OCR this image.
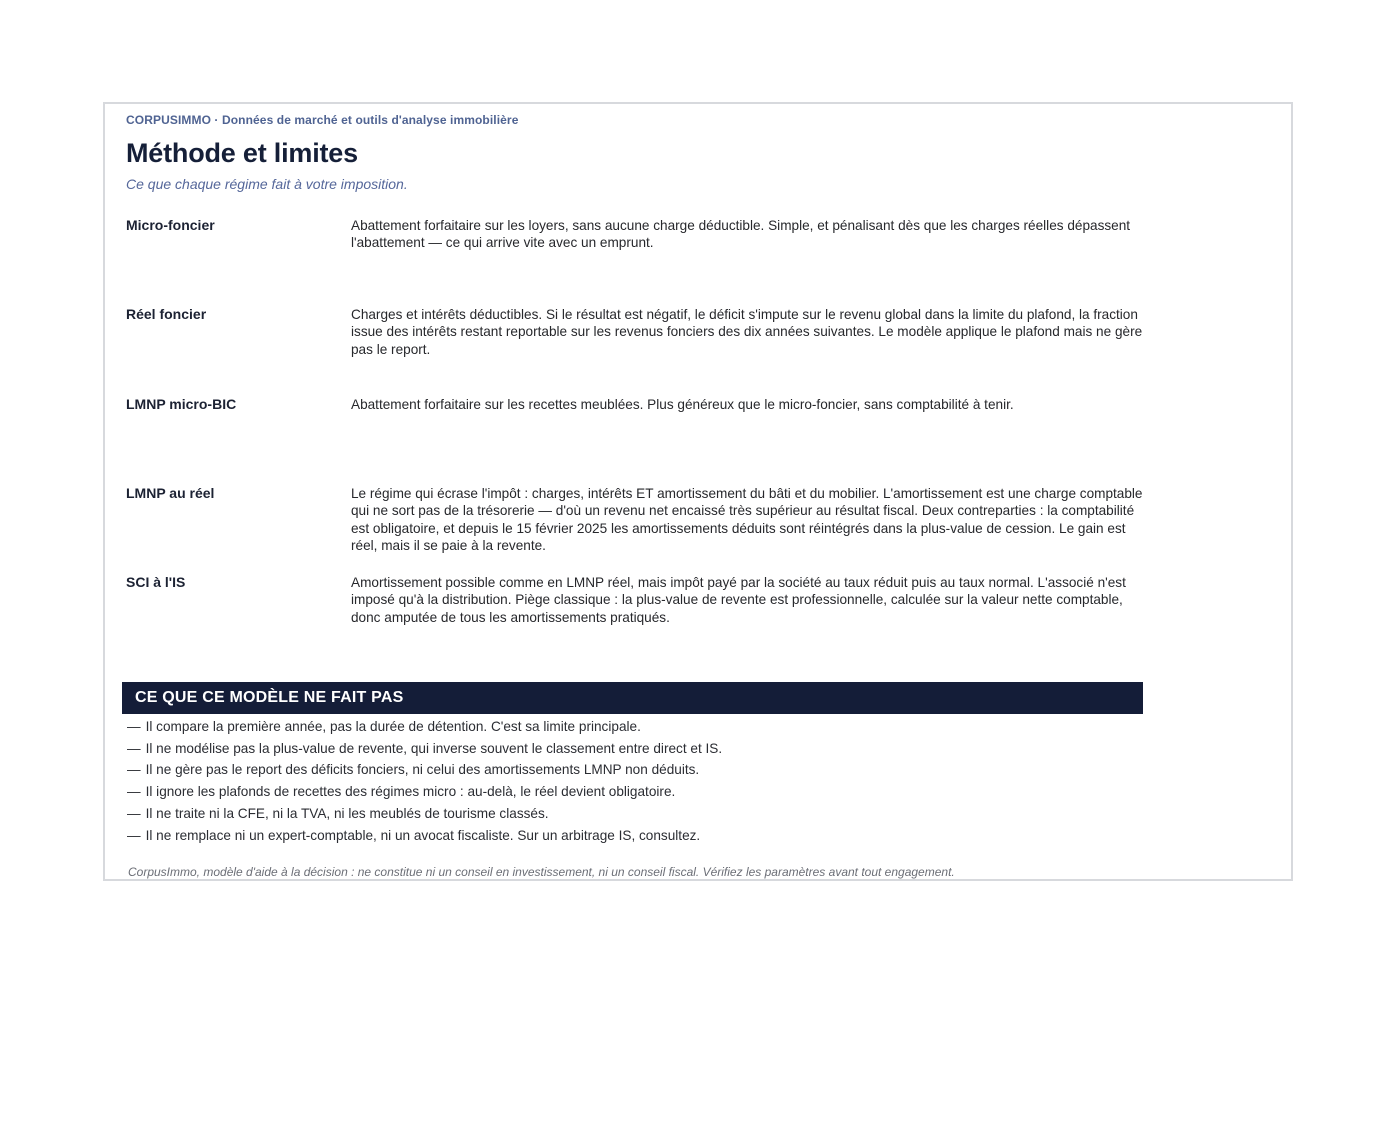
CORPUSIMMO · Données de marché et outils d'analyse immobilière
Méthode et limites
Ce que chaque régime fait à votre imposition.
Micro-foncier	Abattement forfaitaire sur les loyers, sans aucune charge déductible. Simple, et pénalisant dès que les charges réelles dépassent l'abattement — ce qui arrive vite avec un emprunt.
Réel foncier	Charges et intérêts déductibles. Si le résultat est négatif, le déficit s'impute sur le revenu global dans la limite du plafond, la fraction issue des intérêts restant reportable sur les revenus fonciers des dix années suivantes. Le modèle applique le plafond mais ne gère pas le report.
LMNP micro-BIC	Abattement forfaitaire sur les recettes meublées. Plus généreux que le micro-foncier, sans comptabilité à tenir.
LMNP au réel	Le régime qui écrase l'impôt : charges, intérêts ET amortissement du bâti et du mobilier. L'amortissement est une charge comptable qui ne sort pas de la trésorerie — d'où un revenu net encaissé très supérieur au résultat fiscal. Deux contreparties : la comptabilité est obligatoire, et depuis le 15 février 2025 les amortissements déduits sont réintégrés dans la plus-value de cession. Le gain est réel, mais il se paie à la revente.
SCI à l'IS	Amortissement possible comme en LMNP réel, mais impôt payé par la société au taux réduit puis au taux normal. L'associé n'est imposé qu'à la distribution. Piège classique : la plus-value de revente est professionnelle, calculée sur la valeur nette comptable, donc amputée de tous les amortissements pratiqués.
CE QUE CE MODÈLE NE FAIT PAS
— Il compare la première année, pas la durée de détention. C'est sa limite principale.
— Il ne modélise pas la plus-value de revente, qui inverse souvent le classement entre direct et IS.
— Il ne gère pas le report des déficits fonciers, ni celui des amortissements LMNP non déduits.
— Il ignore les plafonds de recettes des régimes micro : au-delà, le réel devient obligatoire.
— Il ne traite ni la CFE, ni la TVA, ni les meublés de tourisme classés.
— Il ne remplace ni un expert-comptable, ni un avocat fiscaliste. Sur un arbitrage IS, consultez.
CorpusImmo, modèle d'aide à la décision : ne constitue ni un conseil en investissement, ni un conseil fiscal. Vérifiez les paramètres avant tout engagement.
